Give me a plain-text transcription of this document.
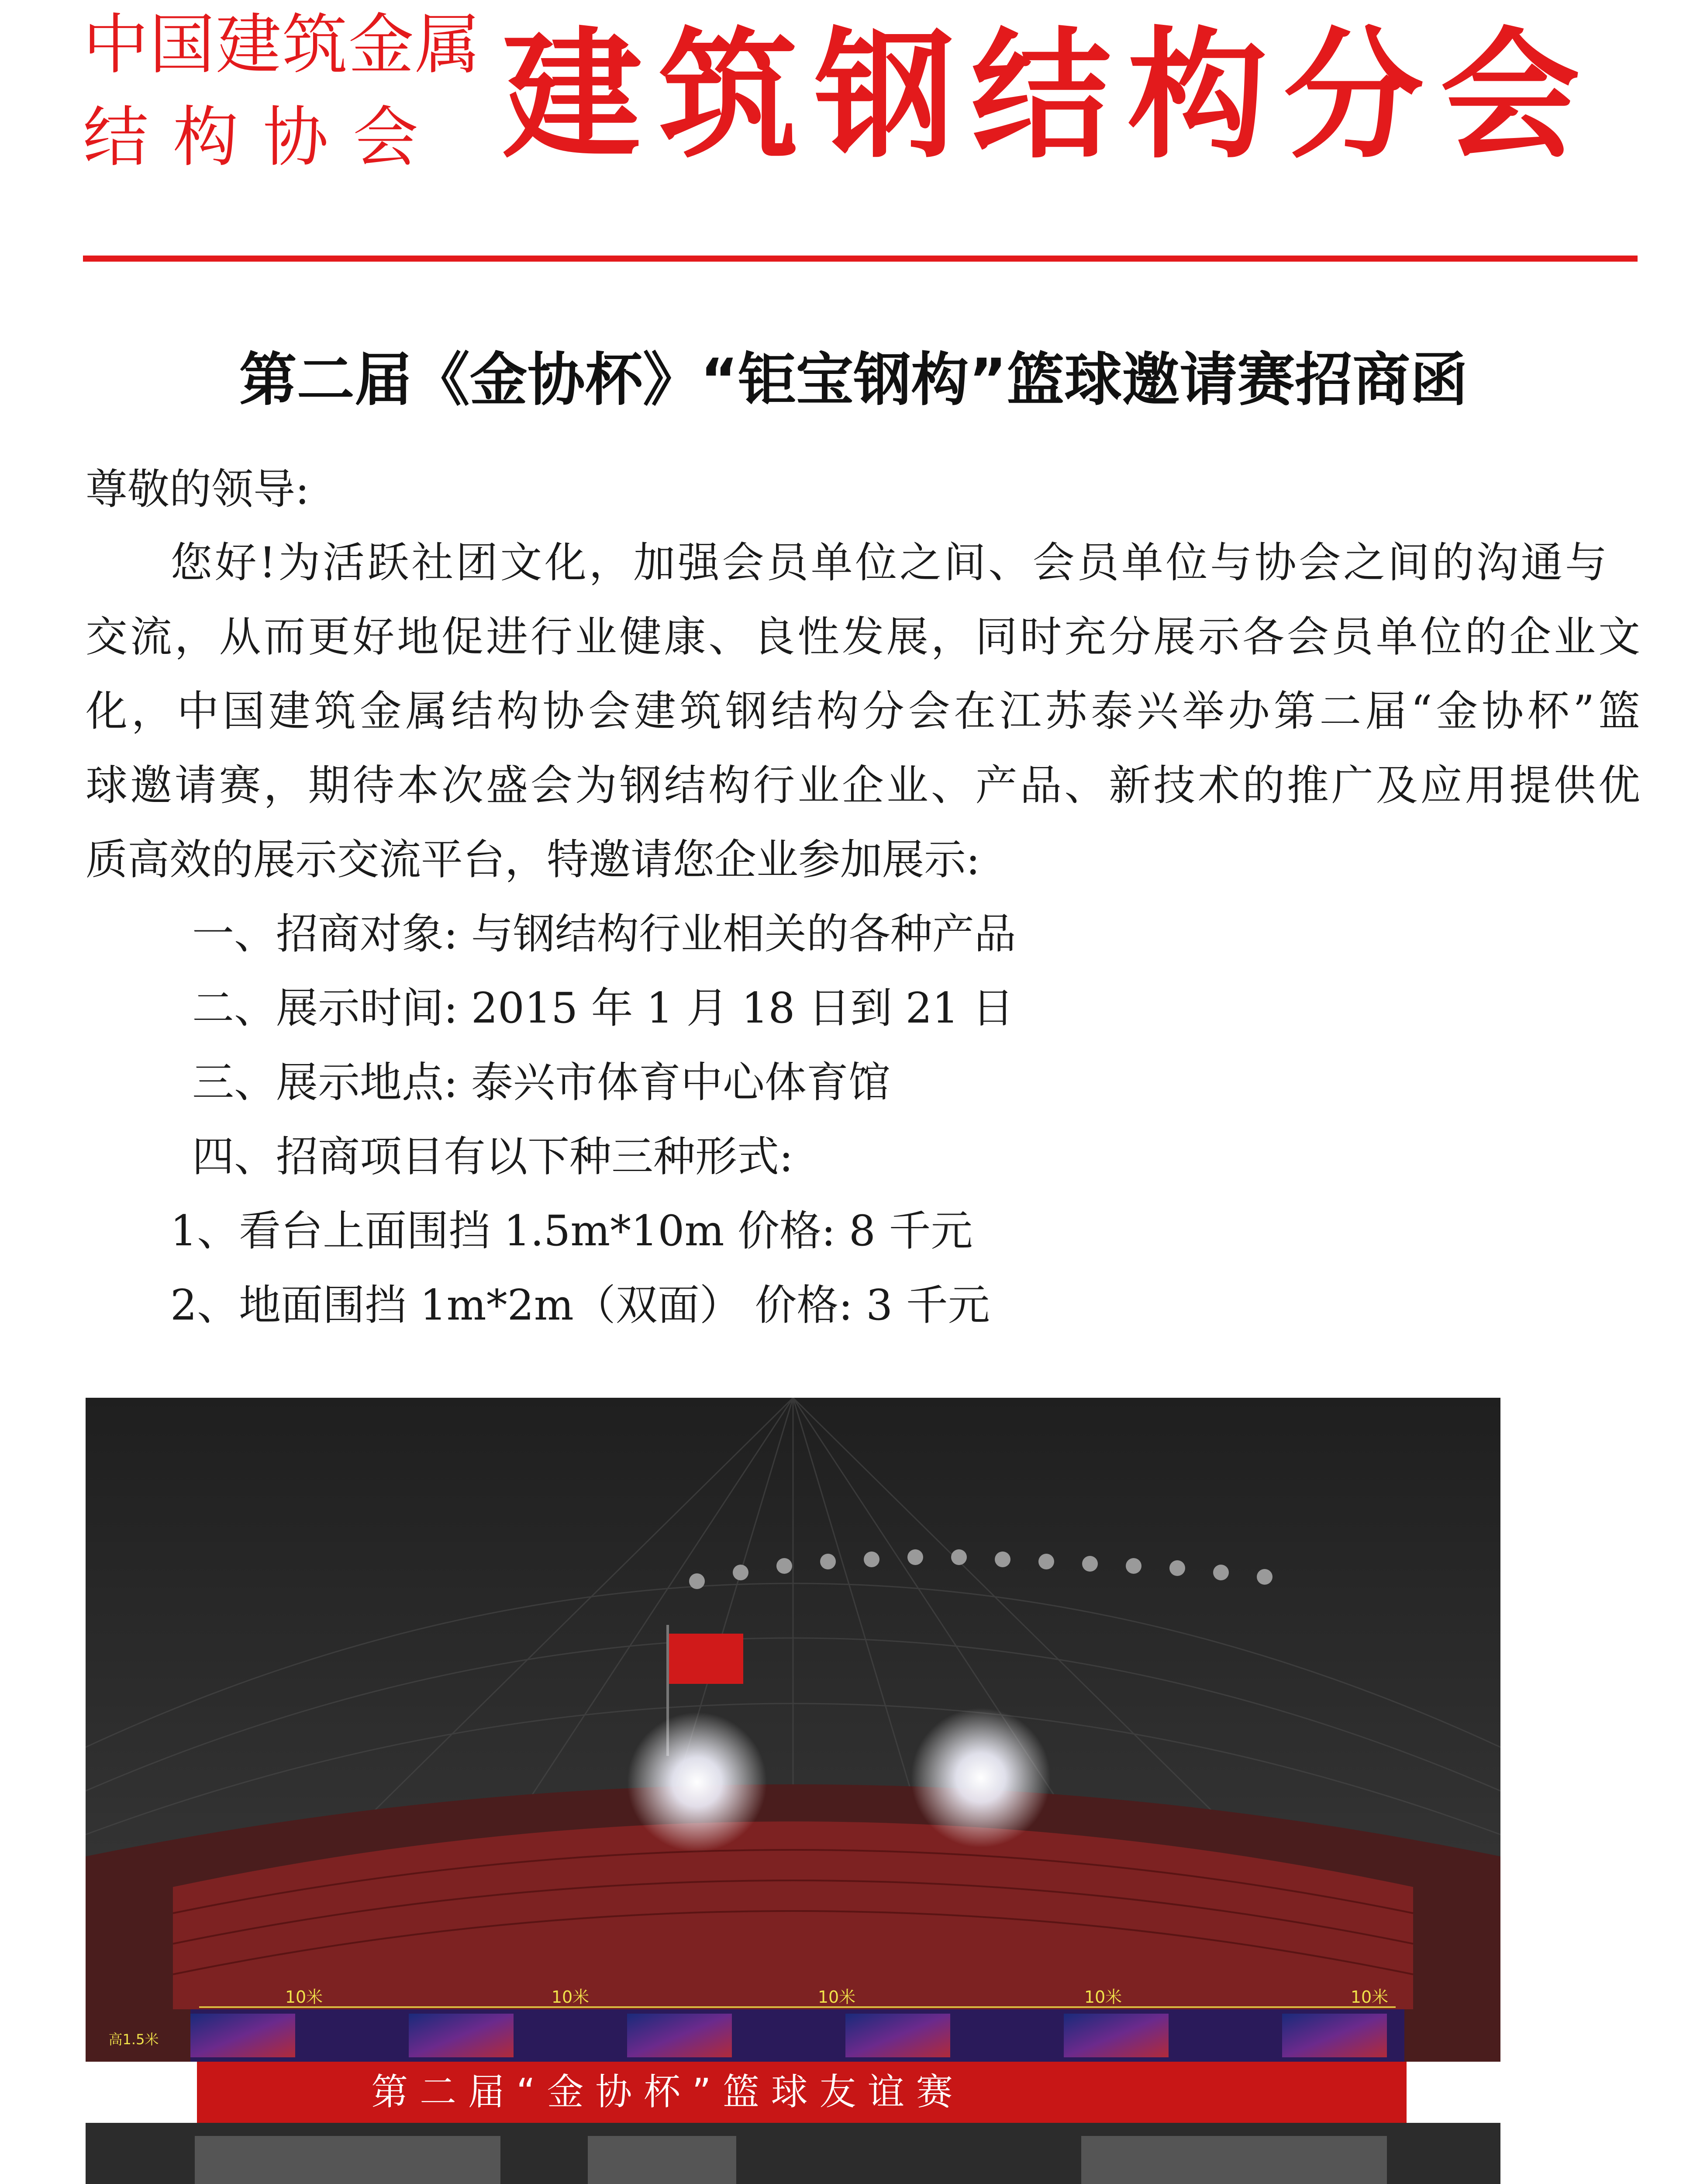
中国建筑金属
结构协会 建筑钢结构分会
第二届《金协杯》“钜宝钢构”篮球邀请赛招商函
尊敬的领导:
您好!为活跃社团文化，加强会员单位之间、会员单位与协会之间的沟通与
交流，从而更好地促进行业健康、良性发展，同时充分展示各会员单位的企业文
化，中国建筑金属结构协会建筑钢结构分会在江苏泰兴举办第二届“金协杯”篮
球邀请赛，期待本次盛会为钢结构行业企业、产品、新技术的推广及应用提供优
质高效的展示交流平台，特邀请您企业参加展示:
一、招商对象: 与钢结构行业相关的各种产品
二、展示时间: 2015 年 1 月 18 日到 21 日
三、展示地点: 泰兴市体育中心体育馆
四、招商项目有以下种三种形式:
1、看台上面围挡 1.5m*10m 价格: 8 千元
2、地面围挡 1m*2m（双面） 价格: 3 千元
10米	10米	10米	10米	10米
高1.5米
第 二 届 “ 金 协 杯 ” 篮 球 友 谊 赛
